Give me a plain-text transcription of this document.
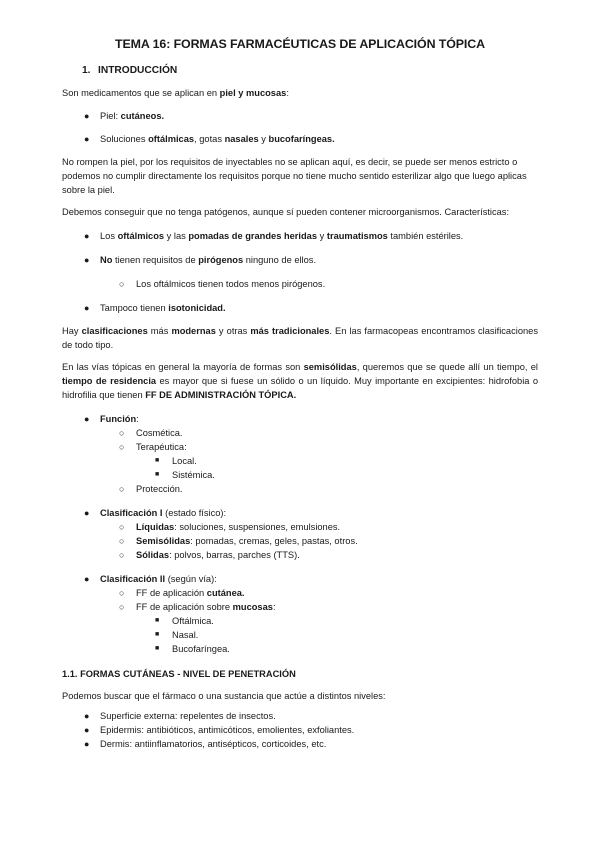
TEMA 16: FORMAS FARMACÉUTICAS DE APLICACIÓN TÓPICA
1. INTRODUCCIÓN

Son medicamentos que se aplican en piel y mucosas:

● Piel: cutáneos.
● Soluciones oftálmicas, gotas nasales y bucofaríngeas.

No rompen la piel, por los requisitos de inyectables no se aplican aquí, es decir, se puede ser menos estricto o podemos no cumplir directamente los requisitos porque no tiene mucho sentido esterilizar algo que luego aplicas sobre la piel.

Debemos conseguir que no tenga patógenos, aunque sí pueden contener microorganismos. Características:

● Los oftálmicos y las pomadas de grandes heridas y traumatismos también estériles.
● No tienen requisitos de pirógenos ninguno de ellos.
○ Los oftálmicos tienen todos menos pirógenos.
● Tampoco tienen isotonicidad.

Hay clasificaciones más modernas y otras más tradicionales. En las farmacopeas encontramos clasificaciones de todo tipo.

En las vías tópicas en general la mayoría de formas son semisólidas, queremos que se quede allí un tiempo, el tiempo de residencia es mayor que si fuese un sólido o un líquido. Muy importante en excipientes: hidrofobia o hidrofilia que tienen FF DE ADMINISTRACIÓN TÓPICA.

● Función:
○ Cosmética.
○ Terapéutica:
■ Local.
■ Sistémica.
○ Protección.
● Clasificación I (estado físico):
○ Líquidas: soluciones, suspensiones, emulsiones.
○ Semisólidas: pomadas, cremas, geles, pastas, otros.
○ Sólidas: polvos, barras, parches (TTS).
● Clasificación II (según vía):
○ FF de aplicación cutánea.
○ FF de aplicación sobre mucosas:
■ Oftálmica.
■ Nasal.
■ Bucofaríngea.
1.1. FORMAS CUTÁNEAS - NIVEL DE PENETRACIÓN

Podemos buscar que el fármaco o una sustancia que actúe a distintos niveles:

● Superficie externa: repelentes de insectos.
● Epidermis: antibióticos, antimicóticos, emolientes, exfoliantes.
● Dermis: antiinflamatorios, antisépticos, corticoides, etc.
